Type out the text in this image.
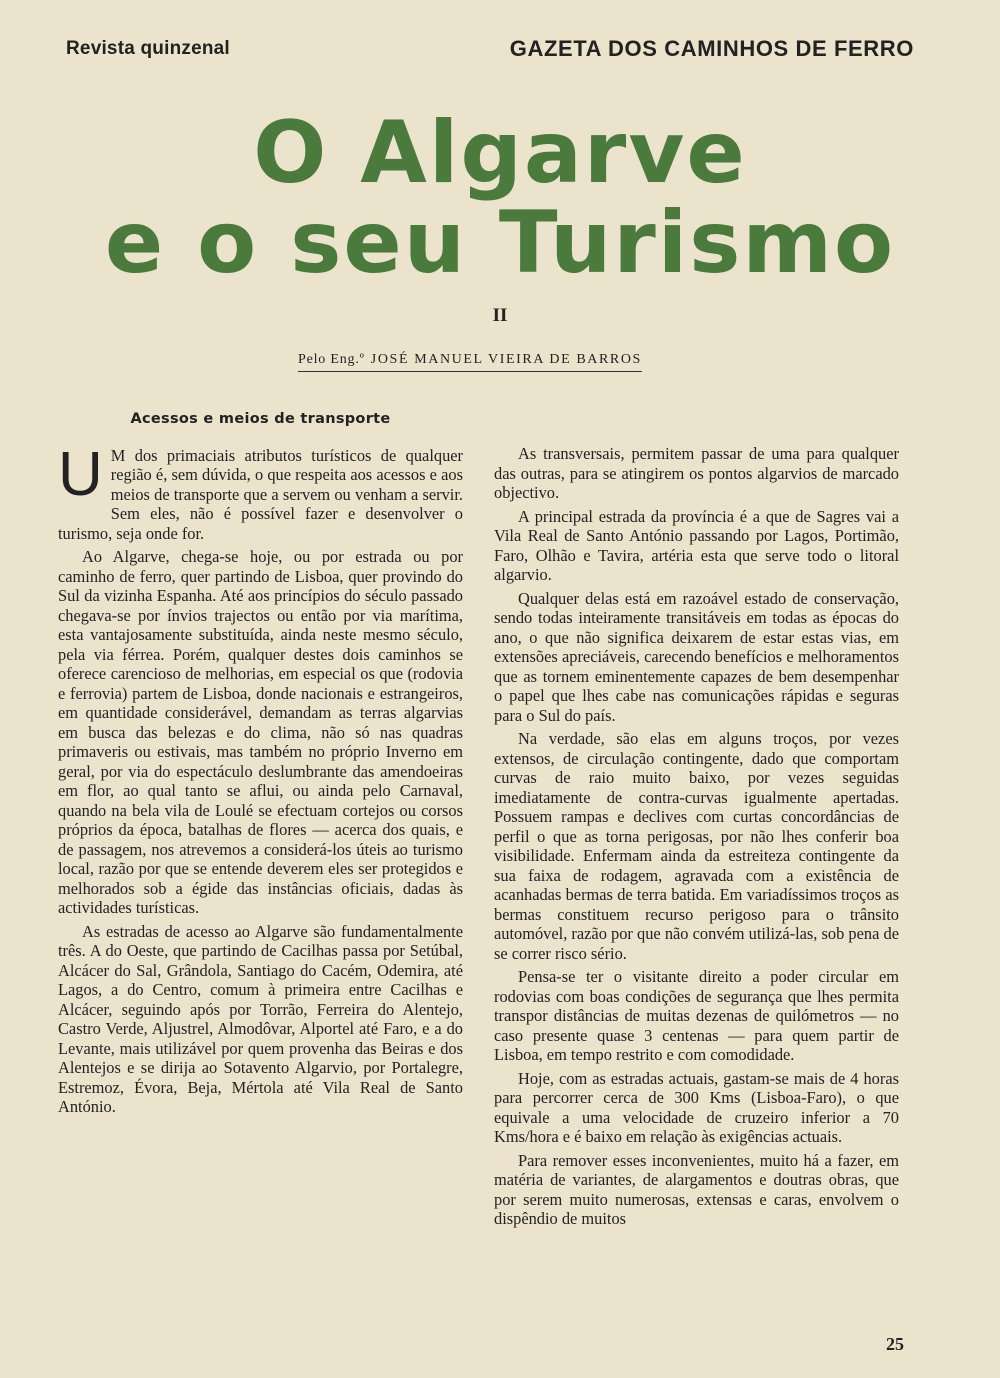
Revista quinzenal	GAZETA DOS CAMINHOS DE FERRO
O Algarve
e o seu Turismo
II
Pelo Eng.º JOSÉ MANUEL VIEIRA DE BARROS
Acessos e meios de transporte

U M dos primaciais atributos turísticos de qualquer região é, sem dúvida, o que respeita aos acessos e aos meios de transporte que a servem ou venham a servir. Sem eles, não é possível fazer e desenvolver o turismo, seja onde for.

Ao Algarve, chega-se hoje, ou por estrada ou por caminho de ferro, quer partindo de Lisboa, quer provindo do Sul da vizinha Espanha. Até aos princípios do século passado chegava-se por ínvios trajectos ou então por via marítima, esta vantajosamente substituída, ainda neste mesmo século, pela via férrea. Porém, qualquer destes dois caminhos se oferece carencioso de melhorias, em especial os que (rodovia e ferrovia) partem de Lisboa, donde nacionais e estrangeiros, em quantidade considerável, demandam as terras algarvias em busca das belezas e do clima, não só nas quadras primaveris ou estivais, mas também no próprio Inverno em geral, por via do espectáculo deslumbrante das amendoeiras em flor, ao qual tanto se aflui, ou ainda pelo Carnaval, quando na bela vila de Loulé se efectuam cortejos ou corsos próprios da época, batalhas de flores — acerca dos quais, e de passagem, nos atrevemos a considerá-los úteis ao turismo local, razão por que se entende deverem eles ser protegidos e melhorados sob a égide das instâncias oficiais, dadas às actividades turísticas.

As estradas de acesso ao Algarve são fundamentalmente três. A do Oeste, que partindo de Cacilhas passa por Setúbal, Alcácer do Sal, Grândola, Santiago do Cacém, Odemira, até Lagos, a do Centro, comum à primeira entre Cacilhas e Alcácer, seguindo após por Torrão, Ferreira do Alentejo, Castro Verde, Aljustrel, Almodôvar, Alportel até Faro, e a do Levante, mais utilizável por quem provenha das Beiras e dos Alentejos e se dirija ao Sotavento Algarvio, por Portalegre, Estremoz, Évora, Beja, Mértola até Vila Real de Santo António.

As transversais, permitem passar de uma para qualquer das outras, para se atingirem os pontos algarvios de marcado objectivo.

A principal estrada da província é a que de Sagres vai a Vila Real de Santo António passando por Lagos, Portimão, Faro, Olhão e Tavira, artéria esta que serve todo o litoral algarvio.

Qualquer delas está em razoável estado de conservação, sendo todas inteiramente transitáveis em todas as épocas do ano, o que não significa deixarem de estar estas vias, em extensões apreciáveis, carecendo benefícios e melhoramentos que as tornem eminentemente capazes de bem desempenhar o papel que lhes cabe nas comunicações rápidas e seguras para o Sul do país.

Na verdade, são elas em alguns troços, por vezes extensos, de circulação contingente, dado que comportam curvas de raio muito baixo, por vezes seguidas imediatamente de contra-curvas igualmente apertadas. Possuem rampas e declives com curtas concordâncias de perfil o que as torna perigosas, por não lhes conferir boa visibilidade. Enfermam ainda da estreiteza contingente da sua faixa de rodagem, agravada com a existência de acanhadas bermas de terra batida. Em variadíssimos troços as bermas constituem recurso perigoso para o trânsito automóvel, razão por que não convém utilizá-las, sob pena de se correr risco sério.

Pensa-se ter o visitante direito a poder circular em rodovias com boas condições de segurança que lhes permita transpor distâncias de muitas dezenas de quilómetros — no caso presente quase 3 centenas — para quem partir de Lisboa, em tempo restrito e com comodidade.

Hoje, com as estradas actuais, gastam-se mais de 4 horas para percorrer cerca de 300 Kms (Lisboa-Faro), o que equivale a uma velocidade de cruzeiro inferior a 70 Kms/hora e é baixo em relação às exigências actuais.

Para remover esses inconvenientes, muito há a fazer, em matéria de variantes, de alargamentos e doutras obras, que por serem muito numerosas, extensas e caras, envolvem o dispêndio de muitos

25
